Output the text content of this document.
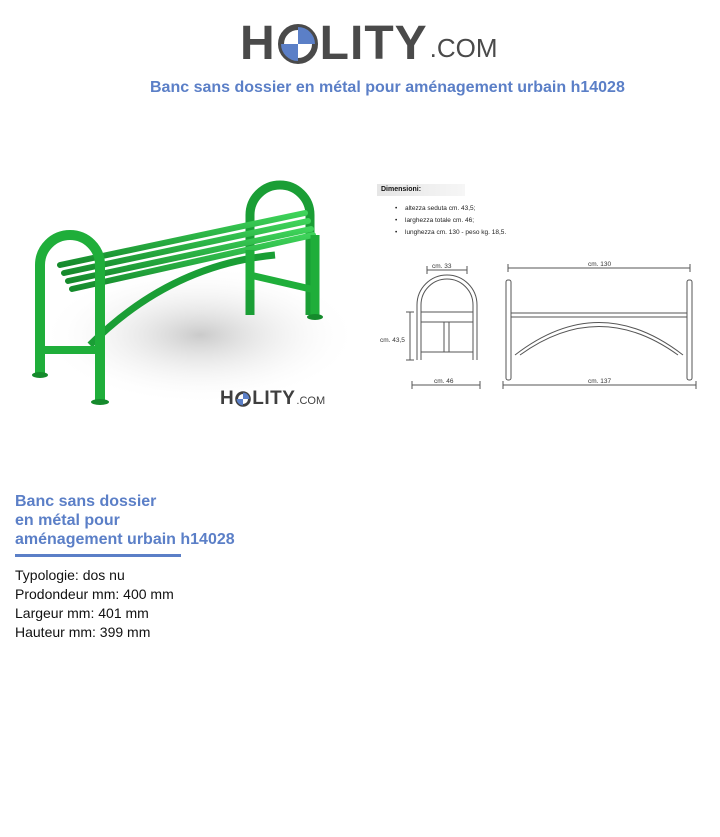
H LITY .COM
Banc sans dossier en métal pour aménagement urbain h14028
H LITY .COM
Dimensioni:
• altezza seduta cm. 43,5;
• larghezza totale cm. 46;
• lunghezza cm. 130 - peso kg. 18,5.
cm. 33
cm. 43,5
cm. 46
cm. 130
cm. 137
Banc sans dossier
en métal pour
aménagement urbain h14028
Typologie: dos nu
Prodondeur mm: 400 mm
Largeur mm: 401 mm
Hauteur mm: 399 mm
